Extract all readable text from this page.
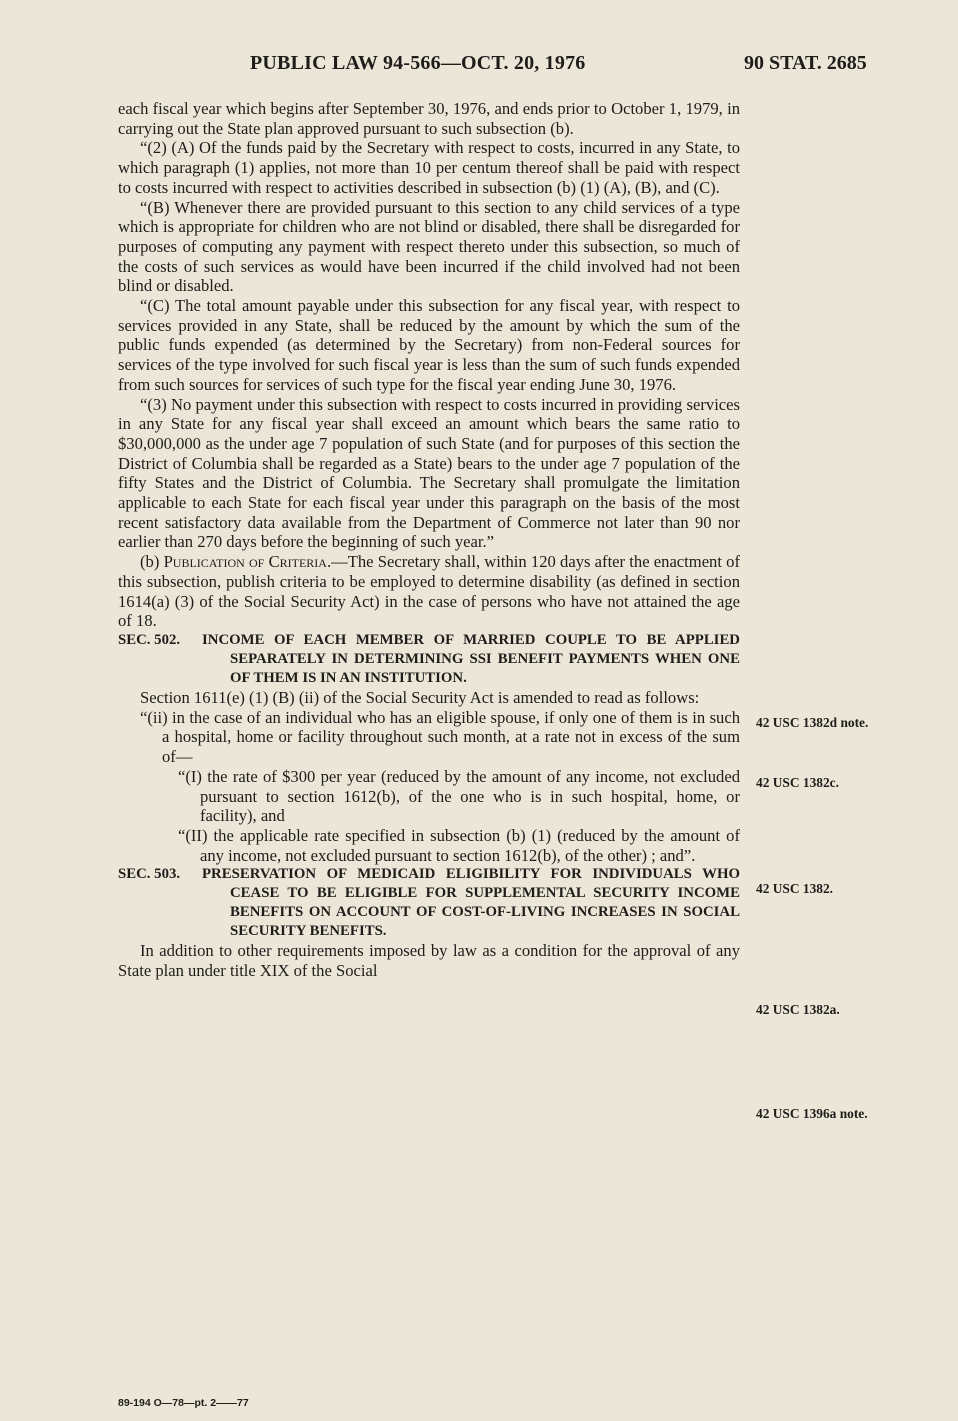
PUBLIC LAW 94-566—OCT. 20, 1976	90 STAT. 2685

each fiscal year which begins after September 30, 1976, and ends prior to October 1, 1979, in carrying out the State plan approved pursuant to such subsection (b).

“(2) (A) Of the funds paid by the Secretary with respect to costs, incurred in any State, to which paragraph (1) applies, not more than 10 per centum thereof shall be paid with respect to costs incurred with respect to activities described in subsection (b) (1) (A), (B), and (C).

“(B) Whenever there are provided pursuant to this section to any child services of a type which is appropriate for children who are not blind or disabled, there shall be disregarded for purposes of computing any payment with respect thereto under this subsection, so much of the costs of such services as would have been incurred if the child involved had not been blind or disabled.

“(C) The total amount payable under this subsection for any fiscal year, with respect to services provided in any State, shall be reduced by the amount by which the sum of the public funds expended (as determined by the Secretary) from non-Federal sources for services of the type involved for such fiscal year is less than the sum of such funds expended from such sources for services of such type for the fiscal year ending June 30, 1976.

“(3) No payment under this subsection with respect to costs incurred in providing services in any State for any fiscal year shall exceed an amount which bears the same ratio to $30,000,000 as the under age 7 population of such State (and for purposes of this section the District of Columbia shall be regarded as a State) bears to the under age 7 population of the fifty States and the District of Columbia. The Secretary shall promulgate the limitation applicable to each State for each fiscal year under this paragraph on the basis of the most recent satisfactory data available from the Department of Commerce not later than 90 nor earlier than 270 days before the beginning of such year.”

(b) Publication of Criteria.—The Secretary shall, within 120 days after the enactment of this subsection, publish criteria to be employed to determine disability (as defined in section 1614(a) (3) of the Social Security Act) in the case of persons who have not attained the age of 18.

SEC. 502. INCOME OF EACH MEMBER OF MARRIED COUPLE TO BE APPLIED SEPARATELY IN DETERMINING SSI BENEFIT PAYMENTS WHEN ONE OF THEM IS IN AN INSTITUTION.

Section 1611(e) (1) (B) (ii) of the Social Security Act is amended to read as follows:

“(ii) in the case of an individual who has an eligible spouse, if only one of them is in such a hospital, home or facility throughout such month, at a rate not in excess of the sum of—

“(I) the rate of $300 per year (reduced by the amount of any income, not excluded pursuant to section 1612(b), of the one who is in such hospital, home, or facility), and

“(II) the applicable rate specified in subsection (b) (1) (reduced by the amount of any income, not excluded pursuant to section 1612(b), of the other) ; and”.

SEC. 503. PRESERVATION OF MEDICAID ELIGIBILITY FOR INDIVIDUALS WHO CEASE TO BE ELIGIBLE FOR SUPPLEMENTAL SECURITY INCOME BENEFITS ON ACCOUNT OF COST-OF-LIVING INCREASES IN SOCIAL SECURITY BENEFITS.

In addition to other requirements imposed by law as a condition for the approval of any State plan under title XIX of the Social

42 USC 1382d note.
42 USC 1382c.
42 USC 1382.
42 USC 1382a.
42 USC 1396a note.
89-194 O—78—pt. 2——77
